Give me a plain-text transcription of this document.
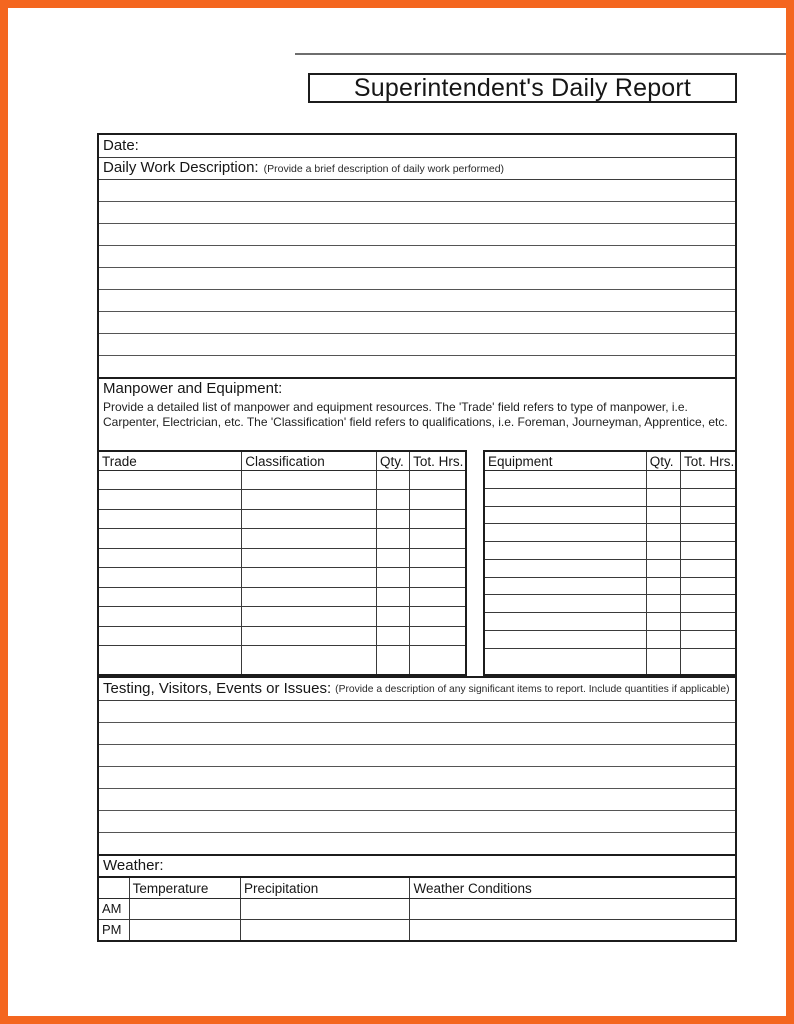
Superintendent's Daily Report
Date:
Daily Work Description: (Provide a brief description of daily work performed)
Manpower and Equipment:
Provide a detailed list of manpower and equipment resources. The 'Trade' field refers to type of manpower, i.e. Carpenter, Electrician, etc. The 'Classification' field refers to qualifications, i.e. Foreman, Journeyman, Apprentice, etc.
Trade	Classification	Qty.	Tot. Hrs.

			Equipment	Qty.	Tot. Hrs.

Testing, Visitors, Events or Issues: (Provide a description of any significant items to report. Include quantities if applicable)
Weather:
	Temperature	Precipitation	Weather Conditions
AM			
PM			
